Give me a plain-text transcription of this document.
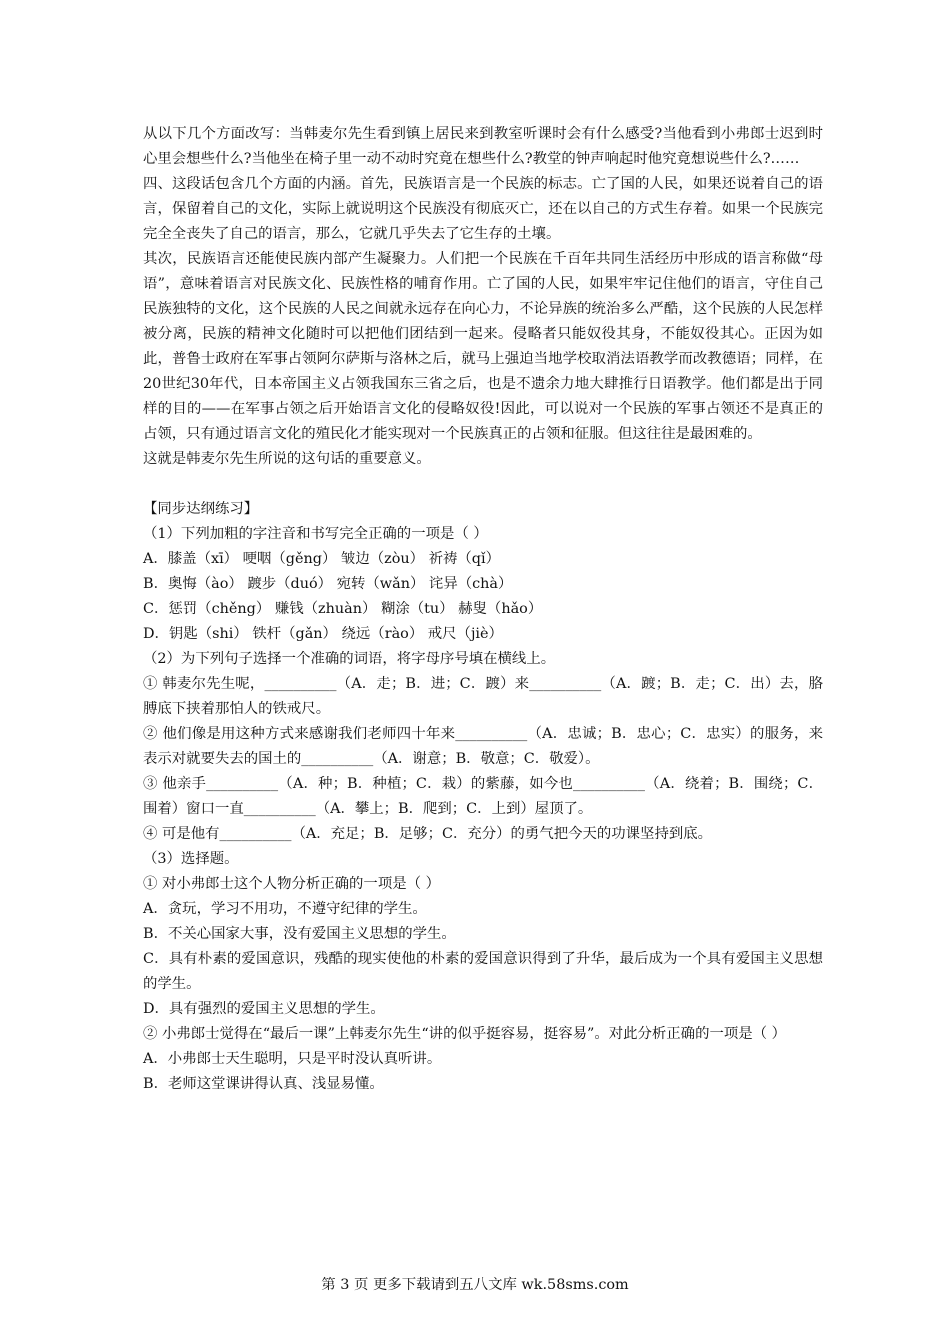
从以下几个方面改写：当韩麦尔先生看到镇上居民来到教室听课时会有什么感受?当他看到小弗郎士迟到时心里会想些什么?当他坐在椅子里一动不动时究竟在想些什么?教堂的钟声响起时他究竟想说些什么?……

四、这段话包含几个方面的内涵。首先，民族语言是一个民族的标志。亡了国的人民，如果还说着自己的语言，保留着自己的文化，实际上就说明这个民族没有彻底灭亡，还在以自己的方式生存着。如果一个民族完完全全丧失了自己的语言，那么，它就几乎失去了它生存的土壤。

其次，民族语言还能使民族内部产生凝聚力。人们把一个民族在千百年共同生活经历中形成的语言称做“母语”，意味着语言对民族文化、民族性格的哺育作用。亡了国的人民，如果牢牢记住他们的语言，守住自己民族独特的文化，这个民族的人民之间就永远存在向心力，不论异族的统治多么严酷，这个民族的人民怎样被分离，民族的精神文化随时可以把他们团结到一起来。侵略者只能奴役其身，不能奴役其心。正因为如此，普鲁士政府在军事占领阿尔萨斯与洛林之后，就马上强迫当地学校取消法语教学而改教德语；同样，在20世纪30年代，日本帝国主义占领我国东三省之后，也是不遗余力地大肆推行日语教学。他们都是出于同样的目的——在军事占领之后开始语言文化的侵略奴役!因此，可以说对一个民族的军事占领还不是真正的占领，只有通过语言文化的殖民化才能实现对一个民族真正的占领和征服。但这往往是最困难的。

这就是韩麦尔先生所说的这句话的重要意义。

【同步达纲练习】

（1）下列加粗的字注音和书写完全正确的一项是（ ）

A．膝盖（xī） 哽咽（gěng） 皱边（zòu） 祈祷（qǐ）

B．奥悔（ào） 踱步（duó） 宛转（wǎn） 诧异（chà）

C．惩罚（chěng） 赚钱（zhuàn） 糊涂（tu） 赫叟（hǎo）

D．钥匙（shi） 铁杆（gǎn） 绕远（rào） 戒尺（jiè）

（2）为下列句子选择一个准确的词语，将字母序号填在横线上。

① 韩麦尔先生呢，__________（A．走；B．进；C．踱）来__________（A．踱；B．走；C．出）去，胳膊底下挟着那怕人的铁戒尺。

② 他们像是用这种方式来感谢我们老师四十年来__________（A．忠诚；B．忠心；C．忠实）的服务，来表示对就要失去的国土的__________（A．谢意；B．敬意；C．敬爱）。

③ 他亲手__________（A．种；B．种植；C．栽）的紫藤，如今也__________（A．绕着；B．围绕；C．围着）窗口一直__________（A．攀上；B．爬到；C．上到）屋顶了。

④ 可是他有__________（A．充足；B．足够；C．充分）的勇气把今天的功课坚持到底。

（3）选择题。

① 对小弗郎士这个人物分析正确的一项是（ ）

A．贪玩，学习不用功，不遵守纪律的学生。

B．不关心国家大事，没有爱国主义思想的学生。

C．具有朴素的爱国意识，残酷的现实使他的朴素的爱国意识得到了升华，最后成为一个具有爱国主义思想的学生。

D．具有强烈的爱国主义思想的学生。

② 小弗郎士觉得在“最后一课”上韩麦尔先生“讲的似乎挺容易，挺容易”。对此分析正确的一项是（ ）

A．小弗郎士天生聪明，只是平时没认真听讲。

B．老师这堂课讲得认真、浅显易懂。

第 3 页 更多下载请到五八文库 wk.58sms.com
